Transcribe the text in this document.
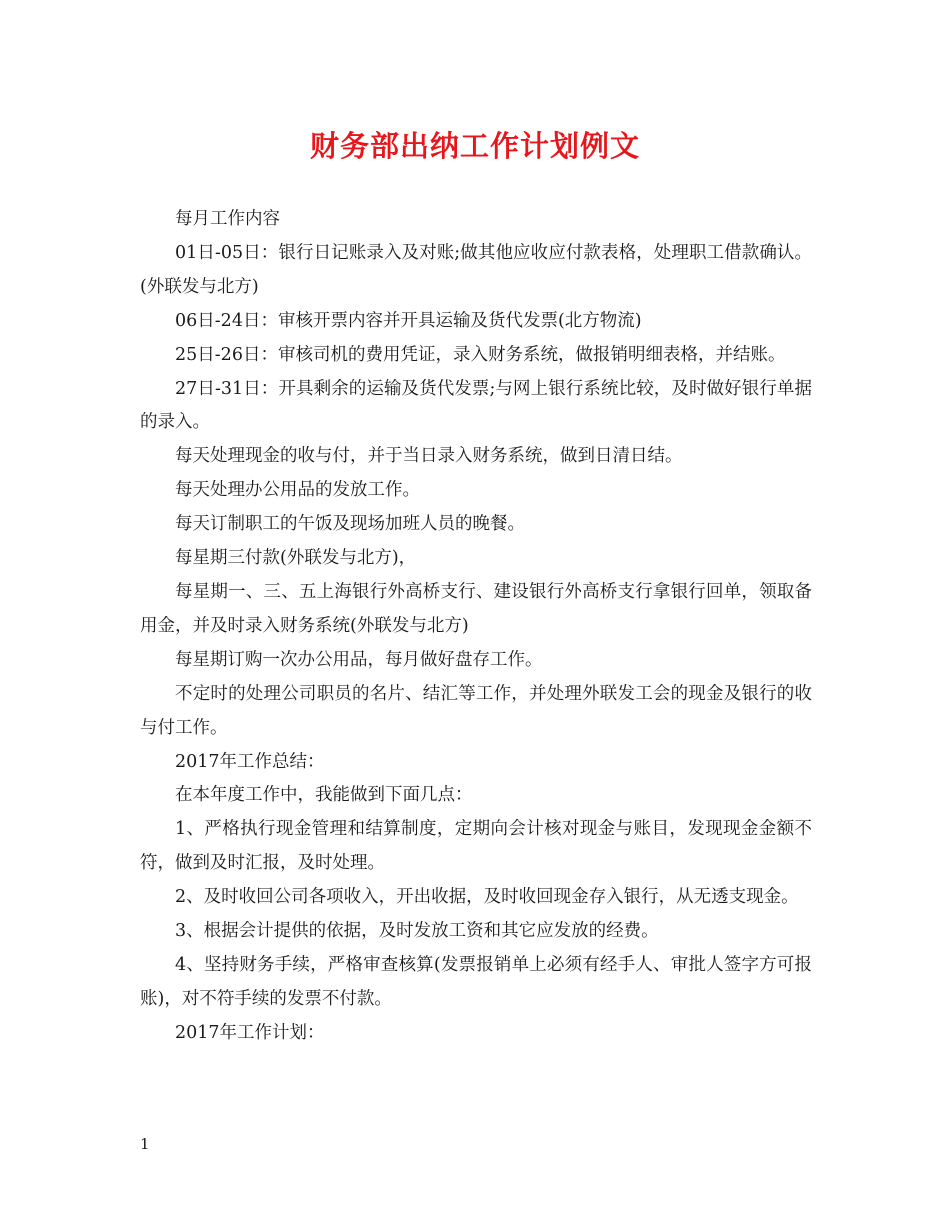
财务部出纳工作计划例文

每月工作内容

01日-05日：银行日记账录入及对账;做其他应收应付款表格，处理职工借款确认。(外联发与北方)

06日-24日：审核开票内容并开具运输及货代发票(北方物流)

25日-26日：审核司机的费用凭证，录入财务系统，做报销明细表格，并结账。

27日-31日：开具剩余的运输及货代发票;与网上银行系统比较，及时做好银行单据的录入。

每天处理现金的收与付，并于当日录入财务系统，做到日清日结。

每天处理办公用品的发放工作。

每天订制职工的午饭及现场加班人员的晚餐。

每星期三付款(外联发与北方)，

每星期一、三、五上海银行外高桥支行、建设银行外高桥支行拿银行回单，领取备用金，并及时录入财务系统(外联发与北方)

每星期订购一次办公用品，每月做好盘存工作。

不定时的处理公司职员的名片、结汇等工作，并处理外联发工会的现金及银行的收与付工作。

2017年工作总结：

在本年度工作中，我能做到下面几点：

1、严格执行现金管理和结算制度，定期向会计核对现金与账目，发现现金金额不符，做到及时汇报，及时处理。

2、及时收回公司各项收入，开出收据，及时收回现金存入银行，从无透支现金。

3、根据会计提供的依据，及时发放工资和其它应发放的经费。

4、坚持财务手续，严格审查核算(发票报销单上必须有经手人、审批人签字方可报账)，对不符手续的发票不付款。

2017年工作计划：

1
